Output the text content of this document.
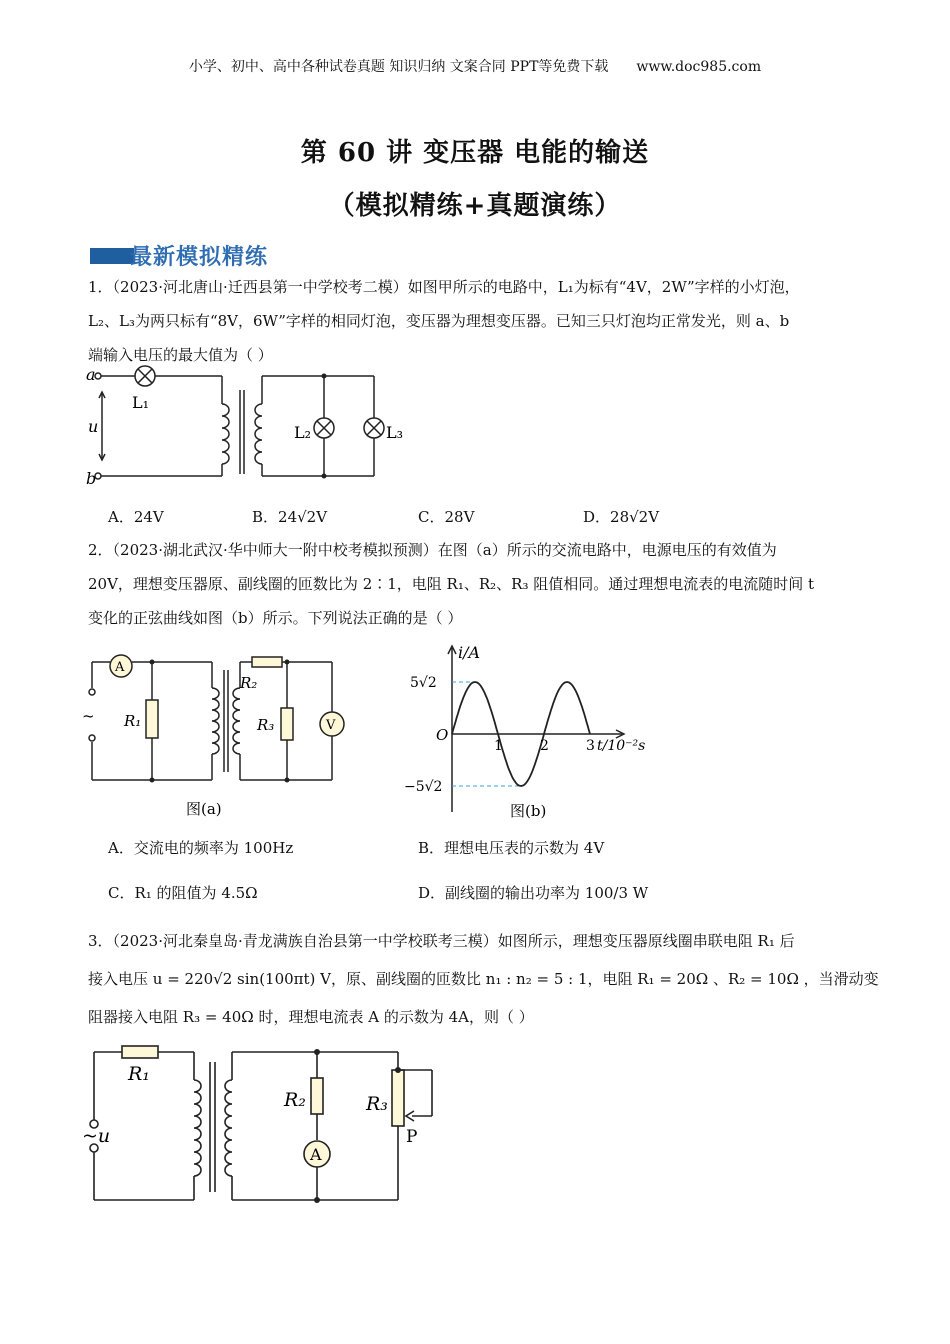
小学、初中、高中各种试卷真题 知识归纳 文案合同 PPT等免费下载　　www.doc985.com
第 60 讲 变压器 电能的输送
（模拟精练+真题演练）
最新模拟精练
1．（2023·河北唐山·迁西县第一中学校考二模）如图甲所示的电路中，L₁为标有“4V，2W”字样的小灯泡，
L₂、L₃为两只标有“8V，6W”字样的相同灯泡，变压器为理想变压器。已知三只灯泡均正常发光，则 a、b
端输入电压的最大值为（ ）
a
b
u
L₁
L₂	L₃
A．24V	B．24√2V	C．28V	D．28√2V
2．（2023·湖北武汉·华中师大一附中校考模拟预测）在图（a）所示的交流电路中，电源电压的有效值为
20V，理想变压器原、副线圈的匝数比为 2∶1，电阻 R₁、R₂、R₃ 阻值相同。通过理想电流表的电流随时间 t
变化的正弦曲线如图（b）所示。下列说法正确的是（ ）
A
V
~ R₁
R₂
R₃
图(a)
i/A
O
5√2
−5√2
1	2	3 t/10⁻²s
图(b)
A．交流电的频率为 100Hz	B．理想电压表的示数为 4V
C．R₁ 的阻值为 4.5Ω	D．副线圈的输出功率为 100/3 W
3．（2023·河北秦皇岛·青龙满族自治县第一中学校联考三模）如图所示，理想变压器原线圈串联电阻 R₁ 后
接入电压 u = 220√2 sin(100πt) V，原、副线圈的匝数比 n₁ : n₂ = 5 : 1，电阻 R₁ = 20Ω 、R₂ = 10Ω ，当滑动变
阻器接入电阻 R₃ = 40Ω 时，理想电流表 A 的示数为 4A，则（ ）
R₁
R₂	R₃
~u
A
P
